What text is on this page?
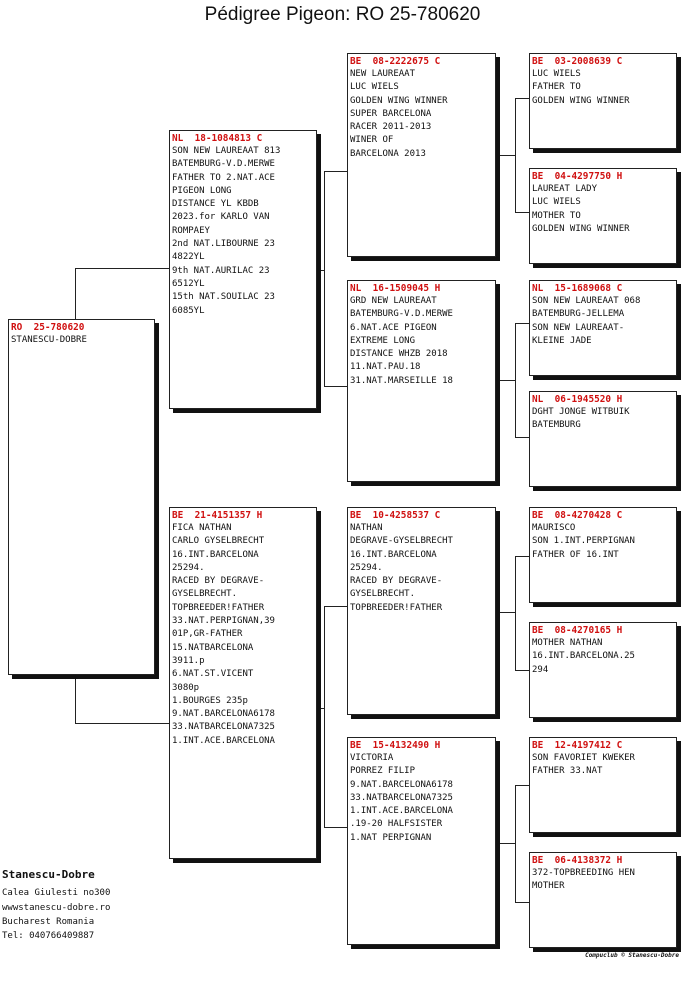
Pédigree Pigeon: RO 25-780620
RO  25-780620
STANESCU-DOBRE
NL  18-1084813 C
SON NEW LAUREAAT 813
BATEMBURG-V.D.MERWE
FATHER TO 2.NAT.ACE
PIGEON LONG
DISTANCE YL KBDB
2023.for KARLO VAN
ROMPAEY
2nd NAT.LIBOURNE 23
4822YL
9th NAT.AURILAC 23
6512YL
15th NAT.SOUILAC 23
6085YL
BE  21-4151357 H
FICA NATHAN
CARLO GYSELBRECHT
16.INT.BARCELONA
25294.
RACED BY DEGRAVE-
GYSELBRECHT.
TOPBREEDER!FATHER
33.NAT.PERPIGNAN,39
01P,GR-FATHER
15.NATBARCELONA
3911.p
6.NAT.ST.VICENT
3080p
1.BOURGES 235p
9.NAT.BARCELONA6178
33.NATBARCELONA7325
1.INT.ACE.BARCELONA
BE  08-2222675 C
NEW LAUREAAT
LUC WIELS
GOLDEN WING WINNER
SUPER BARCELONA
RACER 2011-2013
WINER OF
BARCELONA 2013
NL  16-1509045 H
GRD NEW LAUREAAT
BATEMBURG-V.D.MERWE
6.NAT.ACE PIGEON
EXTREME LONG
DISTANCE WHZB 2018
11.NAT.PAU.18
31.NAT.MARSEILLE 18
BE  10-4258537 C
NATHAN
DEGRAVE-GYSELBRECHT
16.INT.BARCELONA
25294.
RACED BY DEGRAVE-
GYSELBRECHT.
TOPBREEDER!FATHER
BE  15-4132490 H
VICTORIA
PORREZ FILIP
9.NAT.BARCELONA6178
33.NATBARCELONA7325
1.INT.ACE.BARCELONA
.19-20 HALFSISTER
1.NAT PERPIGNAN
BE  03-2008639 C
LUC WIELS
FATHER TO
GOLDEN WING WINNER
BE  04-4297750 H
LAUREAT LADY
LUC WIELS
MOTHER TO
GOLDEN WING WINNER
NL  15-1689068 C
SON NEW LAUREAAT 068
BATEMBURG-JELLEMA
SON NEW LAUREAAT-
KLEINE JADE
NL  06-1945520 H
DGHT JONGE WITBUIK
BATEMBURG
BE  08-4270428 C
MAURISCO
SON 1.INT.PERPIGNAN
FATHER OF 16.INT
BE  08-4270165 H
MOTHER NATHAN
16.INT.BARCELONA.25
294
BE  12-4197412 C
SON FAVORIET KWEKER
FATHER 33.NAT
BE  06-4138372 H
372-TOPBREEDING HEN
MOTHER
Stanescu-Dobre
Calea Giulesti no300
wwwstanescu-dobre.ro
Bucharest Romania
Tel: 040766409887
Compuclub © Stanescu-Dobre
